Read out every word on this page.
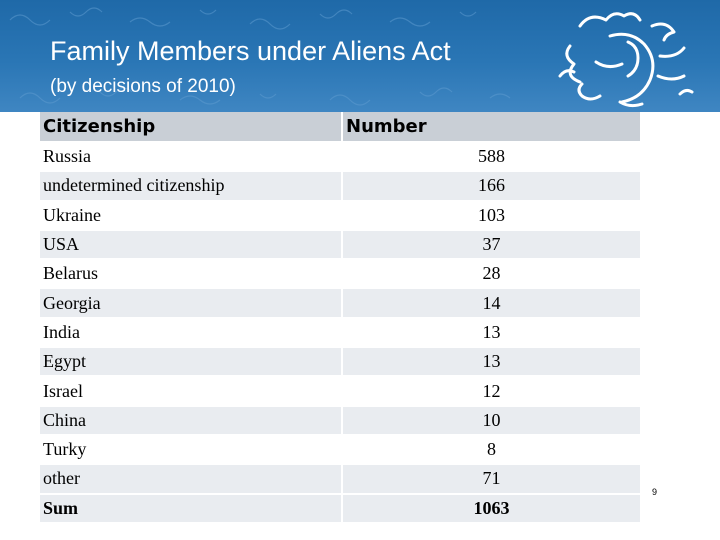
Family Members under Aliens Act
(by decisions of 2010)
Citizenship	Number
Russia	588
undetermined citizenship	166
Ukraine	103
USA	37
Belarus	28
Georgia	14
India	13
Egypt	13
Israel	12
China	10
Turky	8
other	71
Sum	1063
9
